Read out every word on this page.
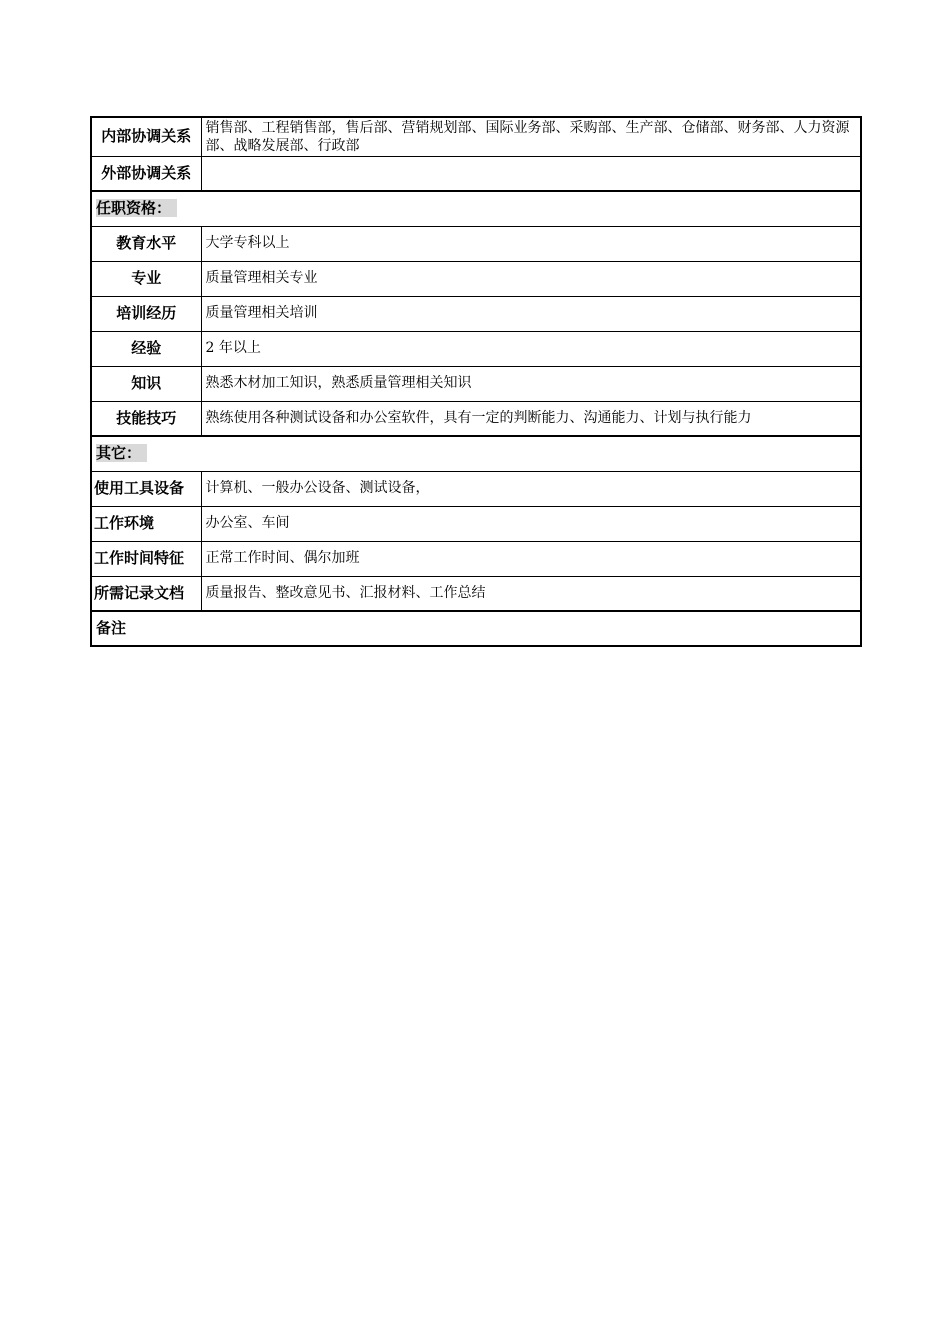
内部协调关系	销售部、工程销售部，售后部、营销规划部、国际业务部、采购部、生产部、仓储部、财务部、人力资源部、战略发展部、行政部
外部协调关系	
任职资格：	
教育水平	大学专科以上
专业	质量管理相关专业
培训经历	质量管理相关培训
经验	2 年以上
知识	熟悉木材加工知识，熟悉质量管理相关知识
技能技巧	熟练使用各种测试设备和办公室软件，具有一定的判断能力、沟通能力、计划与执行能力
其它：	
使用工具设备	计算机、一般办公设备、测试设备，
工作环境	办公室、车间
工作时间特征	正常工作时间、偶尔加班
所需记录文档	质量报告、整改意见书、汇报材料、工作总结
备注	
